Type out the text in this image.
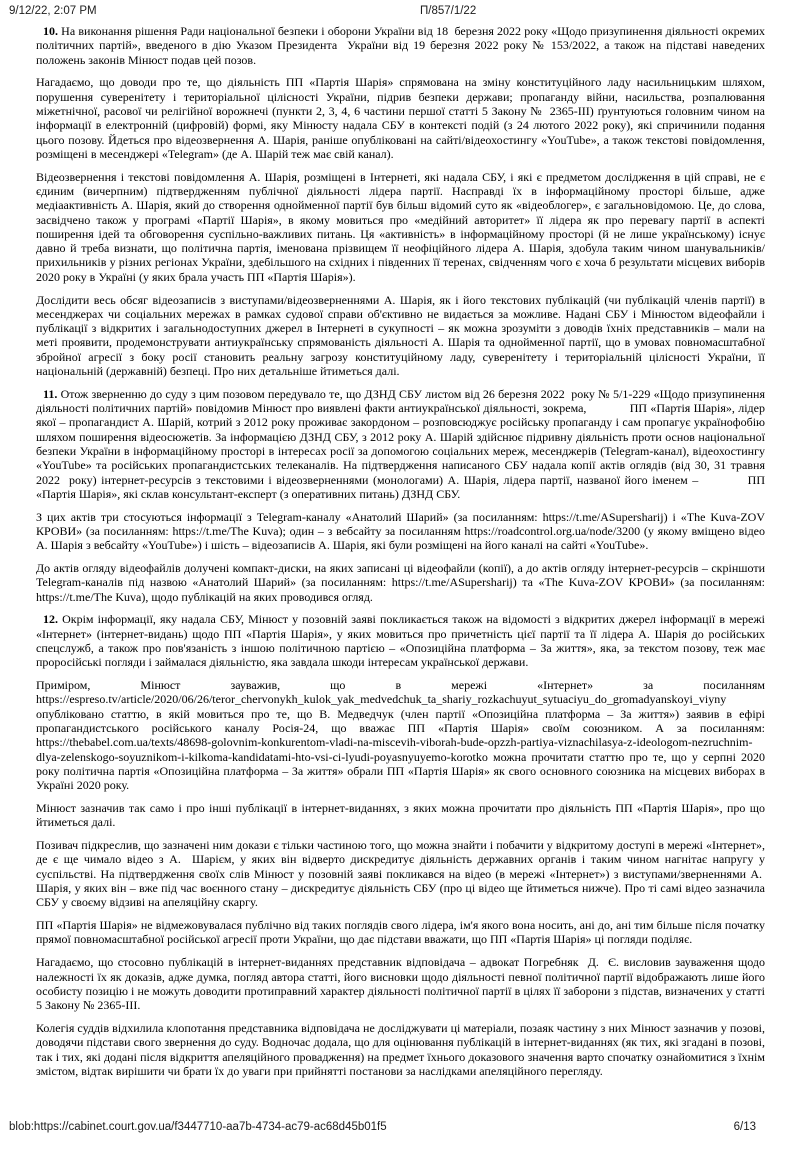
9/12/22, 2:07 PM	П/857/1/22

10. На виконання рішення Ради національної безпеки і оборони України від 18  березня 2022 року «Щодо призупинення діяльності окремих політичних партій», введеного в дію Указом Президента  України від 19 березня 2022 року № 153/2022, а також на підставі наведених положень законів Мінюст подав цей позов.

Нагадаємо, що доводи про те, що діяльність ПП «Партія Шарія» спрямована на зміну конституційного ладу насильницьким шляхом, порушення суверенітету і територіальної цілісності України, підрив безпеки держави; пропаганду війни, насильства, розпалювання міжетнічної, расової чи релігійної ворожнечі (пункти 2, 3, 4, 6 частини першої статті 5 Закону №  2365-ІІІ) ґрунтуються головним чином на інформації в електронній (цифровій) формі, яку Мінюсту надала СБУ в контексті подій (з 24 лютого 2022 року), які спричинили подання цього позову. Йдеться про відеозвернення А. Шарія, раніше опубліковані на сайті/відеохостингу «YouTube», а також текстові повідомлення, розміщені в месенджері «Telegram» (де А. Шарій теж має свій канал).

Відеозвернення і текстові повідомлення А. Шарія, розміщені в Інтернеті, які надала СБУ, і які є предметом дослідження в цій справі, не є єдиним (вичерпним) підтвердженням публічної діяльності лідера партії. Насправді їх в інформаційному просторі більше, адже медіаактивність А. Шарія, який до створення однойменної партії був більш відомий суто як «відеоблогер», є загальновідомою. Це, до слова, засвідчено також у програмі «Партії Шарія», в якому мовиться про «медійний авторитет» її лідера як про перевагу партії в аспекті поширення ідей та обговорення суспільно-важливих питань. Ця «активність» в інформаційному просторі (й не лише українському) існує давно й треба визнати, що політична партія, іменована прізвищем її неофіційного лідера А. Шарія, здобула таким чином шанувальників/прихильників у різних регіонах України, здебільшого на східних і південних її теренах, свідченням чого є хоча б результати місцевих виборів 2020 року в Україні (у яких брала участь ПП «Партія Шарія»).

Дослідити весь обсяг відеозаписів з виступами/відеозверненнями А. Шарія, як і його текстових публікацій (чи публікацій членів партії) в месенджерах чи соціальних мережах в рамках судової справи об'єктивно не видається за можливе. Надані СБУ і Мінюстом відеофайли і публікації з відкритих і загальнодоступних джерел в Інтернеті в сукупності – як можна зрозуміти з доводів їхніх представників – мали на меті проявити, продемонструвати антиукраїнську спрямованість діяльності А. Шарія та однойменної партії, що в умовах повномасштабної збройної агресії з боку росії становить реальну загрозу конституційному ладу, суверенітету і територіальній цілісності України, її національній (державній) безпеці. Про них детальніше йтиметься далі.

11. Отож зверненню до суду з цим позовом передувало те, що ДЗНД СБУ листом від 26 березня 2022  року № 5/1-229 «Щодо призупинення діяльності політичних партій» повідомив Мінюст про виявлені факти антиукраїнської діяльності, зокрема,             ПП «Партія Шарія», лідер якої – пропагандист А. Шарій, котрий з 2012 року проживає закордоном – розповсюджує російську пропаганду і сам пропагує українофобію шляхом поширення відеосюжетів. За інформацією ДЗНД СБУ, з 2012 року А. Шарій здійснює підривну діяльність проти основ національної безпеки України в інформаційному просторі в інтересах росії за допомогою соціальних мереж, месенджерів (Telegram-канал), відеохостингу «YouTube» та російських пропагандистських телеканалів. На підтвердження написаного СБУ надала копії актів оглядів (від 30, 31 травня 2022  року) інтернет-ресурсів з текстовими і відеозверненнями (монологами) А. Шарія, лідера партії, названої його іменем –           ПП «Партія Шарія», які склав консультант-експерт (з оперативних питань) ДЗНД СБУ.

З цих актів три стосуються інформації з Telegram-каналу «Анатолий Шарий» (за посиланням: https://t.me/ASupersharij) і «The Kuva-ZOV КРОВИ» (за посиланням: https://t.me/The Kuva); один – з вебсайту за посиланням https://roadcontrol.org.ua/node/3200 (у якому вміщено відео А. Шарія з вебсайту «YouTube») і шість – відеозаписів А. Шарія, які були розміщені на його каналі на сайті «YouTube».

До актів огляду відеофайлів долучені компакт-диски, на яких записані ці відеофайли (копії), а до актів огляду інтернет-ресурсів – скріншоти Telegram-каналів під назвою «Анатолий Шарий» (за посиланням: https://t.me/ASupersharij) та «The Kuva-ZOV КРОВИ» (за посиланням: https://t.me/The Kuva), щодо публікацій на яких проводився огляд.

12. Окрім інформації, яку надала СБУ, Мінюст у позовній заяві покликається також на відомості з відкритих джерел інформації в мережі «Інтернет» (інтернет-видань) щодо ПП «Партія Шарія», у яких мовиться про причетність цієї партії та її лідера А. Шарія до російських спецслужб, а також про пов'язаність з іншою політичною партією – «Опозиційна платформа – За життя», яка, за текстом позову, теж має проросійські погляди і займалася діяльністю, яка завдала шкоди інтересам української держави.

Приміром, Мінюст зауважив, що в мережі «Інтернет» за посиланням https://espreso.tv/article/2020/06/26/teror_chervonykh_kulok_yak_medvedchuk_ta_shariy_rozkachuyut_sytuaciyu_do_gromadyanskoyi_viyny опубліковано статтю, в якій мовиться про те, що В. Медведчук (член партії «Опозиційна платформа – За життя») заявив в ефірі пропагандистського російського каналу Росія-24, що вважає ПП «Партія Шарія» своїм союзником. А за посиланням: https://thebabel.com.ua/texts/48698-golovnim-konkurentom-vladi-na-miscevih-viborah-bude-opzzh-partiya-viznachilasya-z-ideologom-nezruchnim-dlya-zelenskogo-soyuznikom-i-kilkoma-kandidatami-hto-vsi-ci-lyudi-poyasnyuyemo-korotko можна прочитати статтю про те, що у серпні 2020 року політична партія «Опозиційна платформа – За життя» обрали ПП «Партія Шарія» як свого основного союзника на місцевих виборах в Україні 2020 року.

Мінюст зазначив так само і про інші публікації в інтернет-виданнях, з яких можна прочитати про діяльність ПП «Партія Шарія», про що йтиметься далі.

Позивач підкреслив, що зазначені ним докази є тільки частиною того, що можна знайти і побачити у відкритому доступі в мережі «Інтернет», де є ще чимало відео з А.  Шарієм, у яких він відверто дискредитує діяльність державних органів і таким чином нагнітає напругу у суспільстві. На підтвердження своїх слів Мінюст у позовній заяві покликався на відео (в мережі «Інтернет») з виступами/зверненнями А.  Шарія, у яких він – вже під час воєнного стану – дискредитує діяльність СБУ (про ці відео ще йтиметься нижче). Про ті самі відео зазначила СБУ у своєму відзиві на апеляційну скаргу.

ПП «Партія Шарія» не відмежовувалася публічно від таких поглядів свого лідера, ім'я якого вона носить, ані до, ані тим більше після початку прямої повномасштабної російської агресії проти України, що дає підстави вважати, що ПП «Партія Шарія» ці погляди поділяє.

Нагадаємо, що стосовно публікацій в інтернет-виданнях представник відповідача – адвокат Погребняк  Д.  Є. висловив зауваження щодо належності їх як доказів, адже думка, погляд автора статті, його висновки щодо діяльності певної політичної партії відображають лише його особисту позицію і не можуть доводити протиправний характер діяльності політичної партії в цілях її заборони з підстав, визначених у статті 5 Закону № 2365-ІІІ.

Колегія суддів відхилила клопотання представника відповідача не досліджувати ці матеріали, позаяк частину з них Мінюст зазначив у позові, доводячи підстави свого звернення до суду. Водночас додала, що для оцінювання публікацій в інтернет-виданнях (як тих, які згадані в позові, так і тих, які додані після відкриття апеляційного провадження) на предмет їхнього доказового значення варто спочатку ознайомитися з їхнім змістом, відтак вирішити чи брати їх до уваги при прийнятті постанови за наслідками апеляційного перегляду.

blob:https://cabinet.court.gov.ua/f3447710-aa7b-4734-ac79-ac68d45b01f5	6/13
